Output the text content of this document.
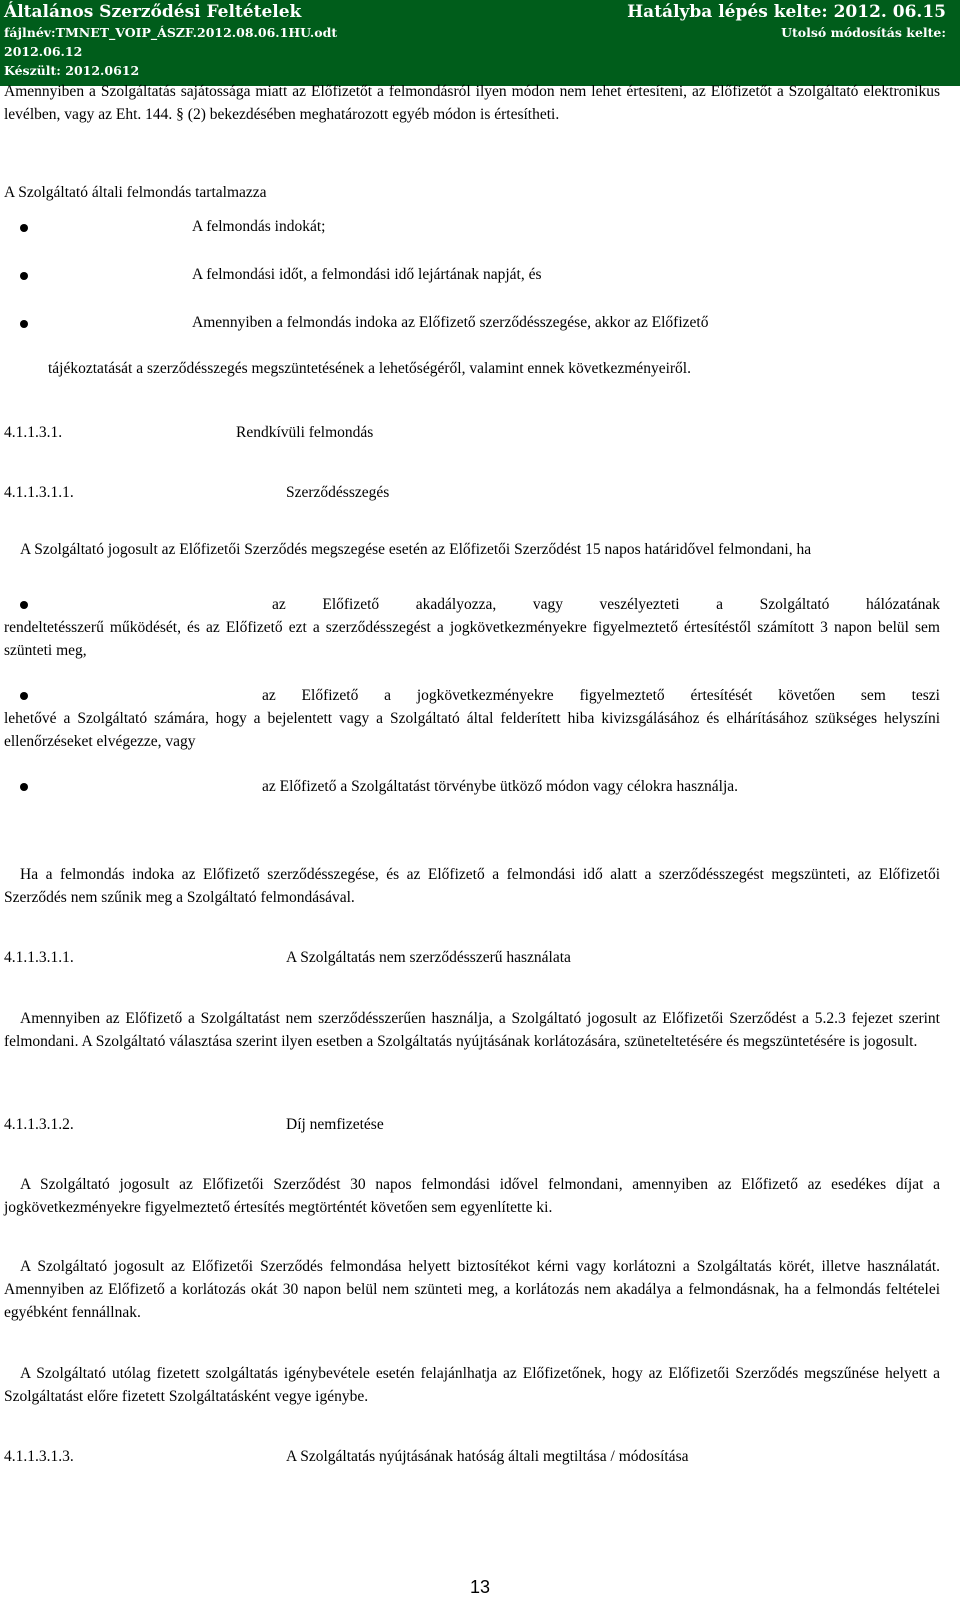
Általános Szerződési Feltételek	Hatályba lépés kelte: 2012. 06.15
fájlnév:TMNET_VOIP_ÁSZF.2012.08.06.1HU.odt	Utolsó módosítás kelte:
2012.06.12
Készült: 2012.0612
Amennyiben a Szolgáltatás sajátossága miatt az Előfizetőt a felmondásról ilyen módon nem lehet értesíteni, az Előfizetőt a Szolgáltató elektronikus levélben, vagy az Eht. 144. § (2) bekezdésében meghatározott egyéb módon is értesítheti.
A Szolgáltató általi felmondás tartalmazza
A felmondás indokát;
A felmondási időt, a felmondási idő lejártának napját, és
Amennyiben a felmondás indoka az Előfizető szerződésszegése, akkor az Előfizető
tájékoztatását a szerződésszegés megszüntetésének a lehetőségéről, valamint ennek következményeiről.
4.1.1.3.1.	Rendkívüli felmondás
4.1.1.3.1.1.	Szerződésszegés
A Szolgáltató jogosult az Előfizetői Szerződés megszegése esetén az Előfizetői Szerződést 15 napos határidővel felmondani, ha
az Előfizető akadályozza, vagy veszélyezteti a Szolgáltató hálózatának
rendeltetésszerű működését, és az Előfizető ezt a szerződésszegést a jogkövetkezményekre figyelmeztető értesítéstől számított 3 napon belül sem szünteti meg,
az Előfizető a jogkövetkezményekre figyelmeztető értesítését követően sem teszi
lehetővé a Szolgáltató számára, hogy a bejelentett vagy a Szolgáltató által felderített hiba kivizsgálásához és elhárításához szükséges helyszíni ellenőrzéseket elvégezze, vagy
az Előfizető a Szolgáltatást törvénybe ütköző módon vagy célokra használja.
Ha a felmondás indoka az Előfizető szerződésszegése, és az Előfizető a felmondási idő alatt a szerződésszegést megszünteti, az Előfizetői Szerződés nem szűnik meg a Szolgáltató felmondásával.
4.1.1.3.1.1.	A Szolgáltatás nem szerződésszerű használata
Amennyiben az Előfizető a Szolgáltatást nem szerződésszerűen használja, a Szolgáltató jogosult az Előfizetői Szerződést a 5.2.3 fejezet szerint felmondani. A Szolgáltató választása szerint ilyen esetben a Szolgáltatás nyújtásának korlátozására, szüneteltetésére és megszüntetésére is jogosult.
4.1.1.3.1.2.	Díj nemfizetése
A Szolgáltató jogosult az Előfizetői Szerződést 30 napos felmondási idővel felmondani, amennyiben az Előfizető az esedékes díjat a jogkövetkezményekre figyelmeztető értesítés megtörténtét követően sem egyenlítette ki.
A Szolgáltató jogosult az Előfizetői Szerződés felmondása helyett biztosítékot kérni vagy korlátozni a Szolgáltatás körét, illetve használatát. Amennyiben az Előfizető a korlátozás okát 30 napon belül nem szünteti meg, a korlátozás nem akadálya a felmondásnak, ha a felmondás feltételei egyébként fennállnak.
A Szolgáltató utólag fizetett szolgáltatás igénybevétele esetén felajánlhatja az Előfizetőnek, hogy az Előfizetői Szerződés megszűnése helyett a Szolgáltatást előre fizetett Szolgáltatásként vegye igénybe.
4.1.1.3.1.3.	A Szolgáltatás nyújtásának hatóság általi megtiltása / módosítása
13
